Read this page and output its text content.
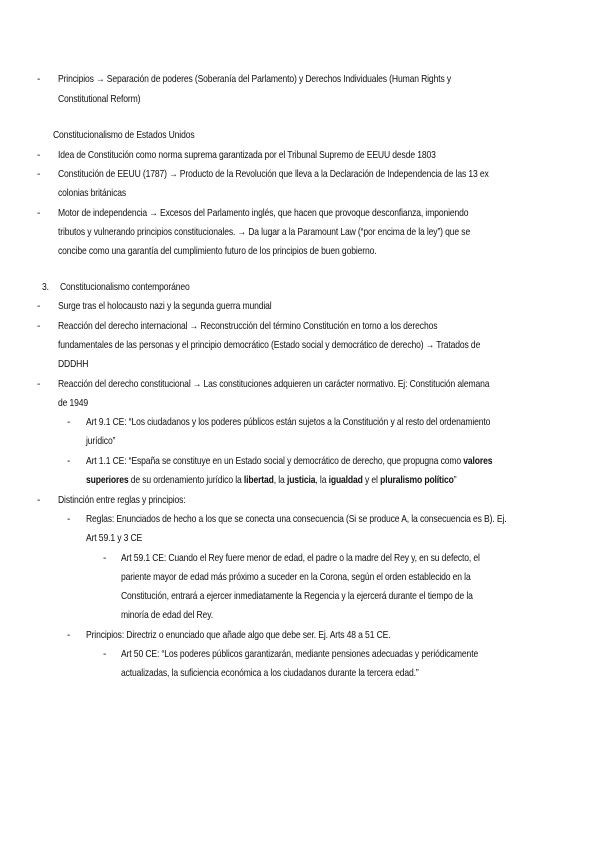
- Principios → Separación de poderes (Soberanía del Parlamento) y Derechos Individuales (Human Rights y
Constitutional Reform)
Constitucionalismo de Estados Unidos
- Idea de Constitución como norma suprema garantizada por el Tribunal Supremo de EEUU desde 1803
- Constitución de EEUU (1787) → Producto de la Revolución que lleva a la Declaración de Independencia de las 13 ex
colonias británicas
- Motor de independencia → Excesos del Parlamento inglés, que hacen que provoque desconfianza, imponiendo
tributos y vulnerando principios constitucionales. → Da lugar a la Paramount Law (“por encima de la ley”) que se
concibe como una garantía del cumplimiento futuro de los principios de buen gobierno.
3. Constitucionalismo contemporáneo
- Surge tras el holocausto nazi y la segunda guerra mundial
- Reacción del derecho internacional → Reconstrucción del término Constitución en torno a los derechos
fundamentales de las personas y el principio democrático (Estado social y democrático de derecho) → Tratados de
DDDHH
- Reacción del derecho constitucional → Las constituciones adquieren un carácter normativo. Ej: Constitución alemana
de 1949
- Art 9.1 CE: “Los ciudadanos y los poderes públicos están sujetos a la Constitución y al resto del ordenamiento
jurídico”
- Art 1.1 CE: “España se constituye en un Estado social y democrático de derecho, que propugna como valores
superiores de su ordenamiento jurídico la libertad, la justicia, la igualdad y el pluralismo político”
- Distinción entre reglas y principios:
- Reglas: Enunciados de hecho a los que se conecta una consecuencia (Si se produce A, la consecuencia es B). Ej.
Art 59.1 y 3 CE
- Art 59.1 CE: Cuando el Rey fuere menor de edad, el padre o la madre del Rey y, en su defecto, el
pariente mayor de edad más próximo a suceder en la Corona, según el orden establecido en la
Constitución, entrará a ejercer inmediatamente la Regencia y la ejercerá durante el tiempo de la
minoría de edad del Rey.
- Principios: Directriz o enunciado que añade algo que debe ser. Ej. Arts 48 a 51 CE.
- Art 50 CE: “Los poderes públicos garantizarán, mediante pensiones adecuadas y periódicamente
actualizadas, la suficiencia económica a los ciudadanos durante la tercera edad.”
